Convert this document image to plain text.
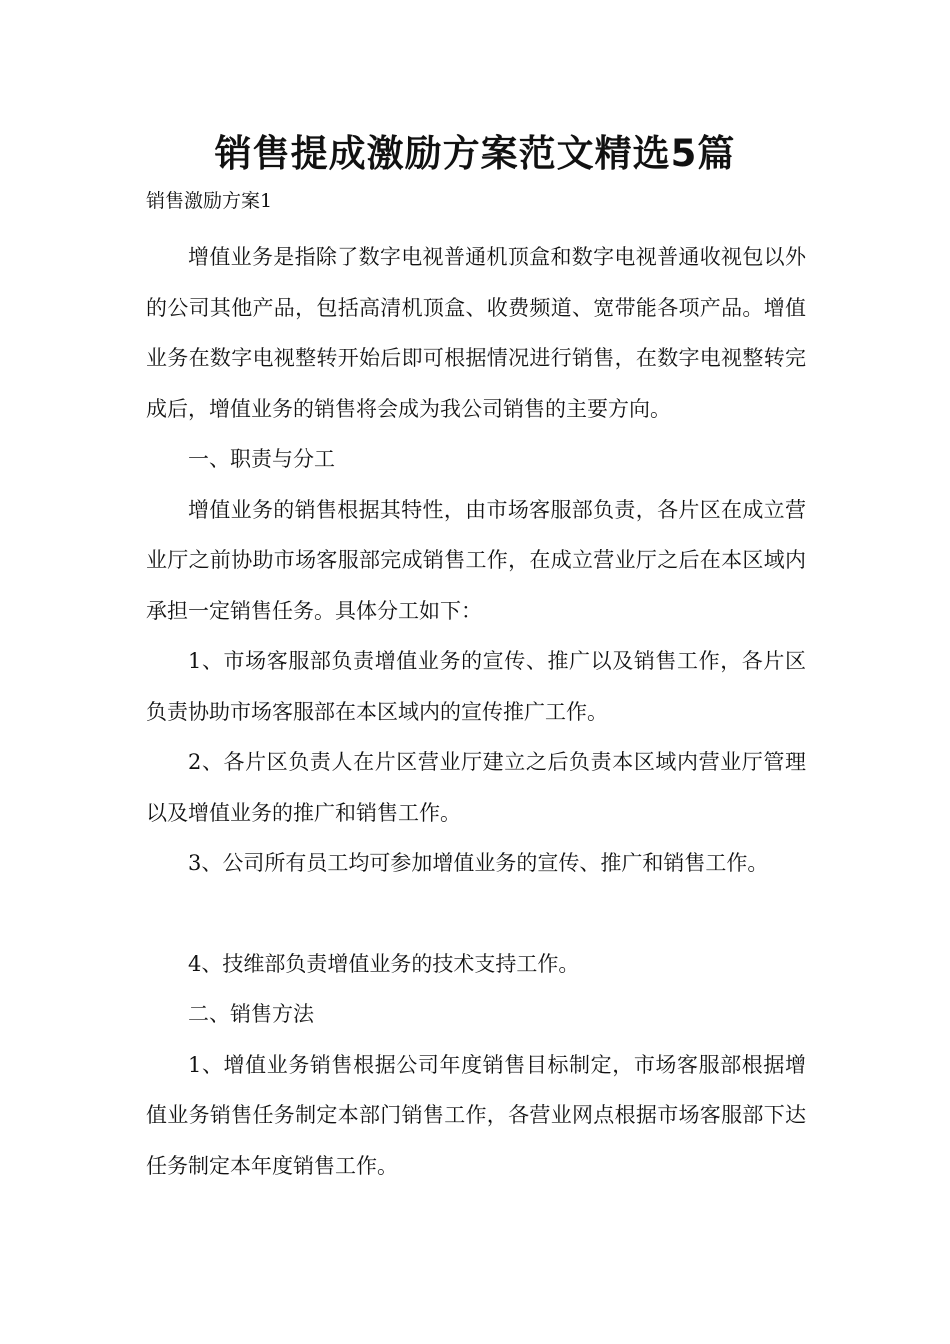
销售提成激励方案范文精选5篇
销售激励方案1

增值业务是指除了数字电视普通机顶盒和数字电视普通收视包以外的公司其他产品，包括高清机顶盒、收费频道、宽带能各项产品。增值业务在数字电视整转开始后即可根据情况进行销售，在数字电视整转完成后，增值业务的销售将会成为我公司销售的主要方向。

一、职责与分工

增值业务的销售根据其特性，由市场客服部负责，各片区在成立营业厅之前协助市场客服部完成销售工作，在成立营业厅之后在本区域内承担一定销售任务。具体分工如下：

1、市场客服部负责增值业务的宣传、推广以及销售工作，各片区负责协助市场客服部在本区域内的宣传推广工作。

2、各片区负责人在片区营业厅建立之后负责本区域内营业厅管理以及增值业务的推广和销售工作。

3、公司所有员工均可参加增值业务的宣传、推广和销售工作。

4、技维部负责增值业务的技术支持工作。

二、销售方法

1、增值业务销售根据公司年度销售目标制定，市场客服部根据增值业务销售任务制定本部门销售工作，各营业网点根据市场客服部下达任务制定本年度销售工作。
